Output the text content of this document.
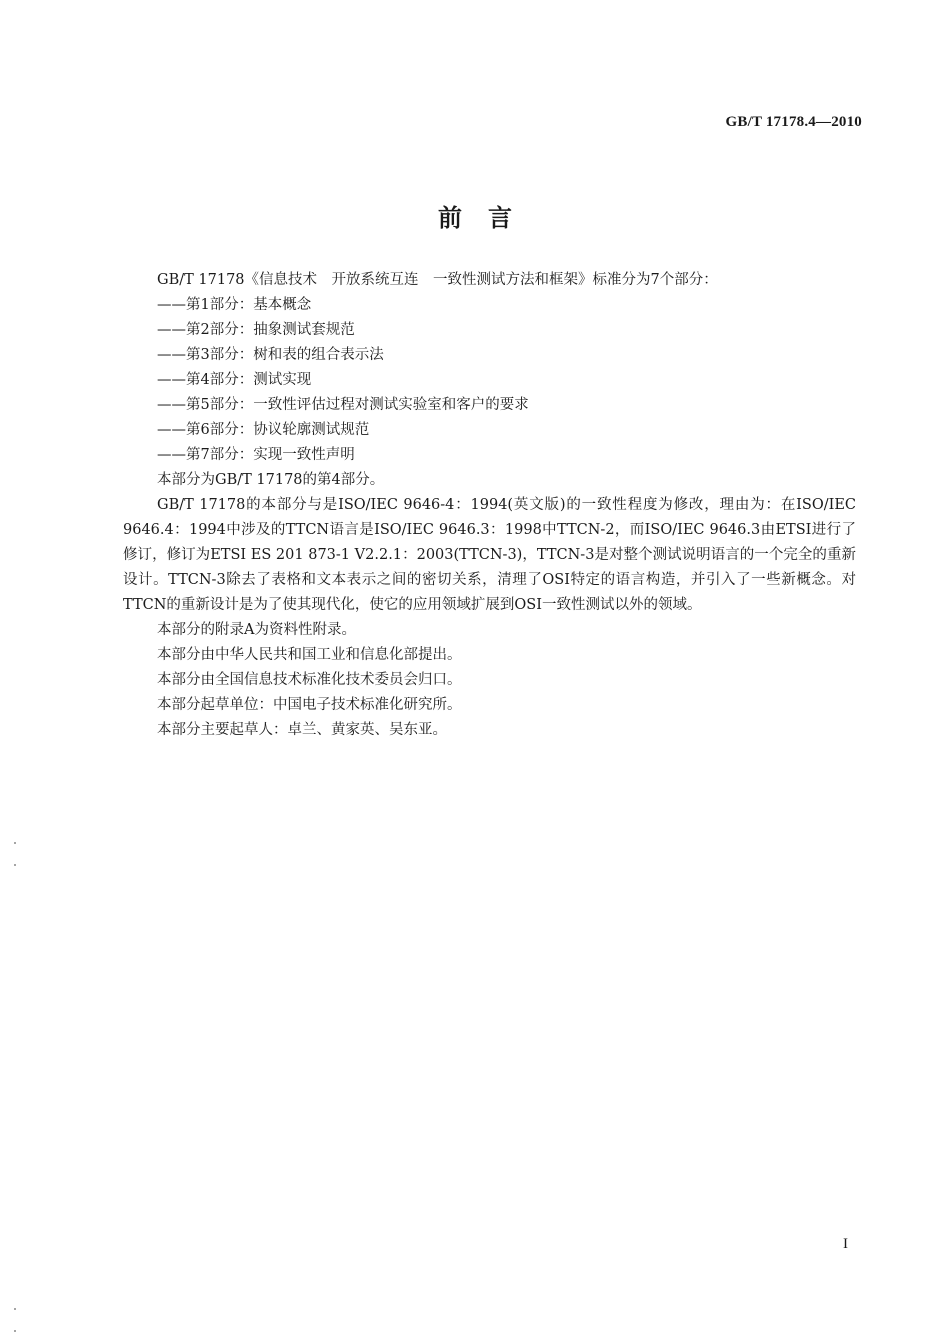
GB/T 17178.4—2010
前言

GB/T 17178《信息技术　开放系统互连　一致性测试方法和框架》标准分为7个部分：

——第1部分：基本概念

——第2部分：抽象测试套规范

——第3部分：树和表的组合表示法

——第4部分：测试实现

——第5部分：一致性评估过程对测试实验室和客户的要求

——第6部分：协议轮廓测试规范

——第7部分：实现一致性声明

本部分为GB/T 17178的第4部分。

GB/T 17178的本部分与是ISO/IEC 9646-4：1994(英文版)的一致性程度为修改，理由为：在ISO/IEC 9646.4：1994中涉及的TTCN语言是ISO/IEC 9646.3：1998中TTCN-2，而ISO/IEC 9646.3由ETSI进行了修订，修订为ETSI ES 201 873-1 V2.2.1：2003(TTCN-3)，TTCN-3是对整个测试说明语言的一个完全的重新设计。TTCN-3除去了表格和文本表示之间的密切关系，清理了OSI特定的语言构造，并引入了一些新概念。对TTCN的重新设计是为了使其现代化，使它的应用领域扩展到OSI一致性测试以外的领域。

本部分的附录A为资料性附录。

本部分由中华人民共和国工业和信息化部提出。

本部分由全国信息技术标准化技术委员会归口。

本部分起草单位：中国电子技术标准化研究所。

本部分主要起草人：卓兰、黄家英、吴东亚。

I
